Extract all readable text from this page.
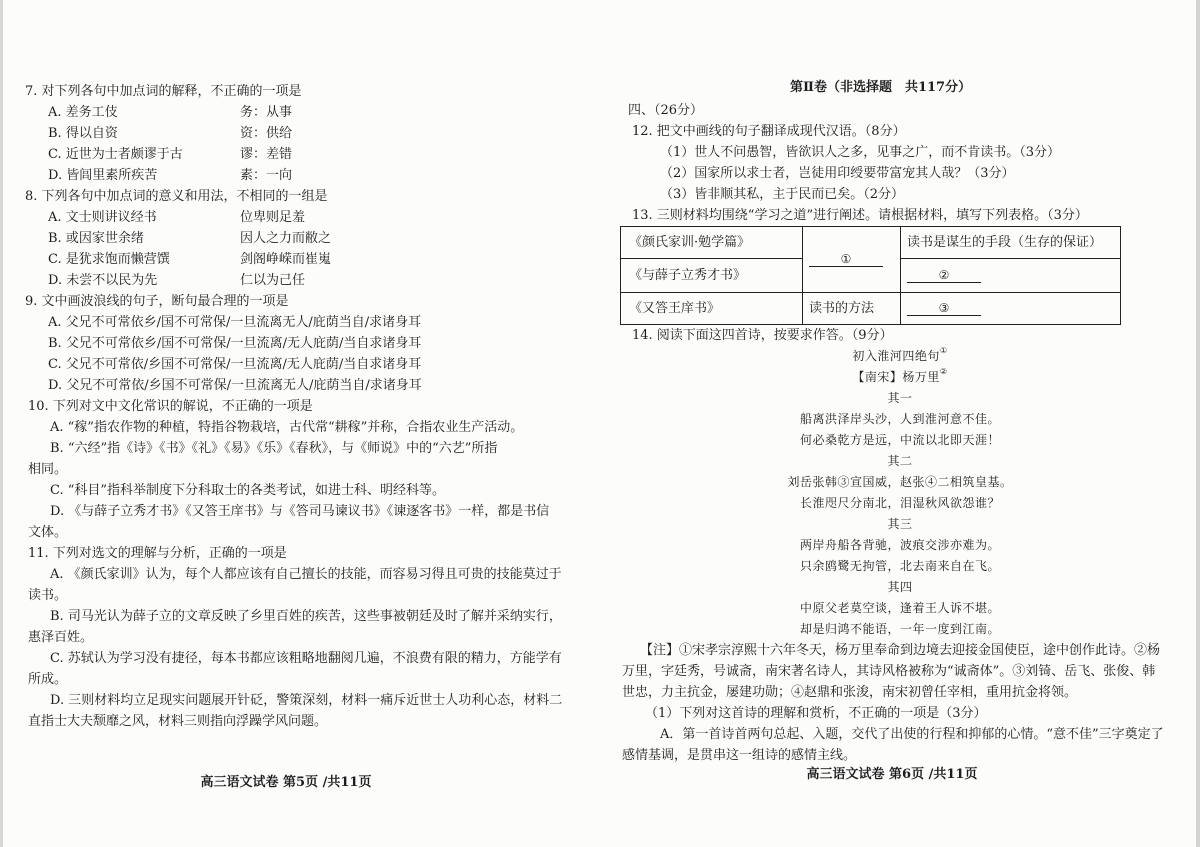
7. 对下列各句中加点词的解释，不正确的一项是
A. 差务工伎	务：从事
B. 得以自资	资：供给
C. 近世为士者颇谬于古	谬：差错
D. 皆闾里素所疾苦	素：一向
8. 下列各句中加点词的意义和用法，不相同的一组是
A. 文士则讲议经书	位卑则足羞
B. 或因家世余绪	因人之力而敝之
C. 是犹求饱而懒营馔	剑阁峥嵘而崔嵬
D. 未尝不以民为先	仁以为己任
9. 文中画波浪线的句子，断句最合理的一项是
A. 父兄不可常依乡/国不可常保/一旦流离无人/庇荫当自/求诸身耳
B. 父兄不可常依乡/国不可常保/一旦流离/无人庇荫/当自求诸身耳
C. 父兄不可常依/乡国不可常保/一旦流离/无人庇荫/当自求诸身耳
D. 父兄不可常依/乡国不可常保/一旦流离无人/庇荫当自/求诸身耳
10. 下列对文中文化常识的解说，不正确的一项是
A. “稼”指农作物的种植，特指谷物栽培，古代常“耕稼”并称，合指农业生产活动。
B. “六经”指《诗》《书》《礼》《易》《乐》《春秋》，与《师说》中的“六艺”所指
相同。
C. “科目”指科举制度下分科取士的各类考试，如进士科、明经科等。
D. 《与薛子立秀才书》《又答王庠书》与《答司马谏议书》《谏逐客书》一样，都是书信
文体。
11. 下列对选文的理解与分析，正确的一项是
A. 《颜氏家训》认为，每个人都应该有自己擅长的技能，而容易习得且可贵的技能莫过于
读书。
B. 司马光认为薛子立的文章反映了乡里百姓的疾苦，这些事被朝廷及时了解并采纳实行，
惠泽百姓。
C. 苏轼认为学习没有捷径，每本书都应该粗略地翻阅几遍，不浪费有限的精力，方能学有
所成。
D. 三则材料均立足现实问题展开针砭，警策深刻，材料一痛斥近世士人功利心态，材料二
直指士大夫颓靡之风，材料三则指向浮躁学风问题。
高三语文试卷 第5页 /共11页
第Ⅱ卷（非选择题　共117分）
四、（26分）
12. 把文中画线的句子翻译成现代汉语。（8分）
（1）世人不问愚智，皆欲识人之多，见事之广，而不肯读书。（3分）
（2）国家所以求士者，岂徒用印绶要带富宠其人哉？（3分）
（3）皆非顺其私，主于民而已矣。（2分）
13. 三则材料均围绕“学习之道”进行阐述。请根据材料，填写下列表格。（3分）
《颜氏家训·勉学篇》	①	读书是谋生的手段（生存的保证）
《与薛子立秀才书》		②
《又答王庠书》	读书的方法	③
14. 阅读下面这四首诗，按要求作答。（9分）
初入淮河四绝句①
【南宋】杨万里②
其一
船离洪泽岸头沙，人到淮河意不佳。
何必桑乾方是远，中流以北即天涯！
其二
刘岳张韩③宣国威，赵张④二相筑皇基。
长淮咫尺分南北，泪湿秋风欲怨谁？
其三
两岸舟船各背驰，波痕交涉亦难为。
只余鸥鹭无拘管，北去南来自在飞。
其四
中原父老莫空谈，逢着王人诉不堪。
却是归鸿不能语，一年一度到江南。
【注】①宋孝宗淳熙十六年冬天，杨万里奉命到边境去迎接金国使臣，途中创作此诗。②杨
万里，字廷秀，号诚斋，南宋著名诗人，其诗风格被称为“诚斋体”。③刘锜、岳飞、张俊、韩
世忠，力主抗金，屡建功勋；④赵鼎和张浚，南宋初曾任宰相，重用抗金将领。
（1）下列对这首诗的理解和赏析，不正确的一项是（3分）
A．第一首诗首两句总起、入题，交代了出使的行程和抑郁的心情。“意不佳”三字奠定了
感情基调，是贯串这一组诗的感情主线。
高三语文试卷 第6页 /共11页
